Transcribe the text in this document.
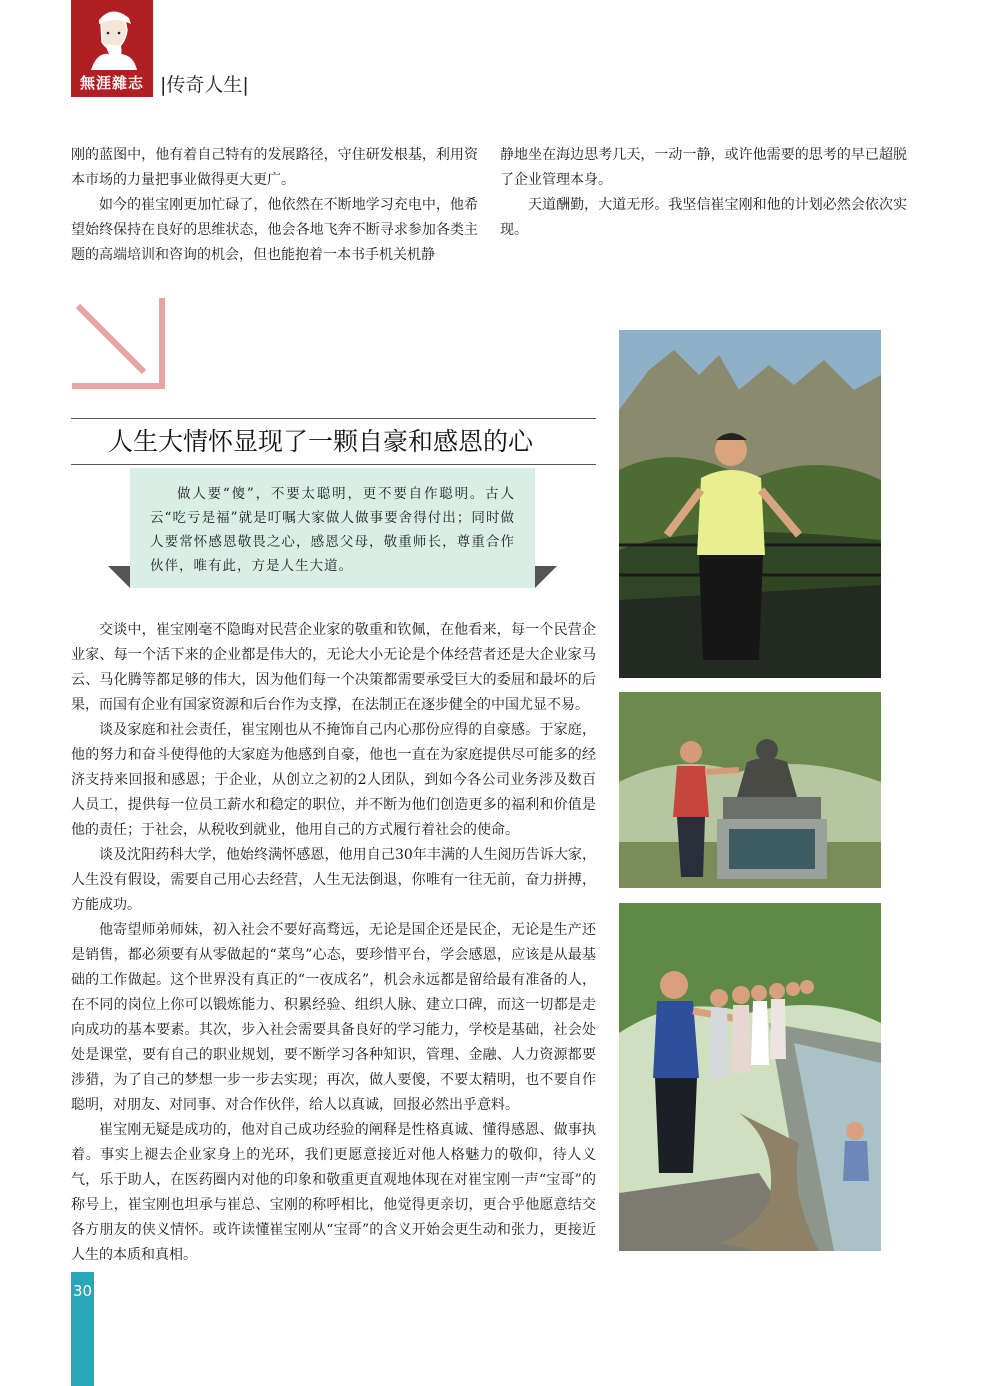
無涯雜志 |传奇人生|

刚的蓝图中，他有着自己特有的发展路径，守住研发根基，利用资本市场的力量把事业做得更大更广。

如今的崔宝刚更加忙碌了，他依然在不断地学习充电中，他希望始终保持在良好的思维状态，他会各地飞奔不断寻求参加各类主题的高端培训和咨询的机会，但也能抱着一本书手机关机静

静地坐在海边思考几天，一动一静，或许他需要的思考的早已超脱了企业管理本身。

天道酬勤，大道无形。我坚信崔宝刚和他的计划必然会依次实现。

人生大情怀显现了一颗自豪和感恩的心

做人要“傻”，不要太聪明，更不要自作聪明。古人云“吃亏是福”就是叮嘱大家做人做事要舍得付出；同时做人要常怀感恩敬畏之心，感恩父母，敬重师长，尊重合作伙伴，唯有此，方是人生大道。

交谈中，崔宝刚毫不隐晦对民营企业家的敬重和钦佩，在他看来，每一个民营企业家、每一个活下来的企业都是伟大的，无论大小无论是个体经营者还是大企业家马云、马化腾等都足够的伟大，因为他们每一个决策都需要承受巨大的委屈和最坏的后果，而国有企业有国家资源和后台作为支撑，在法制正在逐步健全的中国尤显不易。

谈及家庭和社会责任，崔宝刚也从不掩饰自己内心那份应得的自豪感。于家庭，他的努力和奋斗使得他的大家庭为他感到自豪，他也一直在为家庭提供尽可能多的经济支持来回报和感恩；于企业，从创立之初的2人团队，到如今各公司业务涉及数百人员工，提供每一位员工薪水和稳定的职位，并不断为他们创造更多的福利和价值是他的责任；于社会，从税收到就业，他用自己的方式履行着社会的使命。

谈及沈阳药科大学，他始终满怀感恩，他用自己30年丰满的人生阅历告诉大家，人生没有假设，需要自己用心去经营，人生无法倒退，你唯有一往无前，奋力拼搏，方能成功。

他寄望师弟师妹，初入社会不要好高骛远，无论是国企还是民企，无论是生产还是销售，都必须要有从零做起的“菜鸟”心态，要珍惜平台，学会感恩，应该是从最基础的工作做起。这个世界没有真正的“一夜成名”，机会永远都是留给最有准备的人，在不同的岗位上你可以锻炼能力、积累经验、组织人脉、建立口碑，而这一切都是走向成功的基本要素。其次，步入社会需要具备良好的学习能力，学校是基础，社会处处是课堂，要有自己的职业规划，要不断学习各种知识，管理、金融、人力资源都要涉猎，为了自己的梦想一步一步去实现；再次，做人要傻，不要太精明，也不要自作聪明，对朋友、对同事、对合作伙伴，给人以真诚，回报必然出乎意料。

崔宝刚无疑是成功的，他对自己成功经验的阐释是性格真诚、懂得感恩、做事执着。事实上褪去企业家身上的光环，我们更愿意接近对他人格魅力的敬仰，待人义气，乐于助人，在医药圈内对他的印象和敬重更直观地体现在对崔宝刚一声“宝哥”的称号上，崔宝刚也坦承与崔总、宝刚的称呼相比，他觉得更亲切，更合乎他愿意结交各方朋友的侠义情怀。或许读懂崔宝刚从“宝哥”的含义开始会更生动和张力，更接近人生的本质和真相。

30
